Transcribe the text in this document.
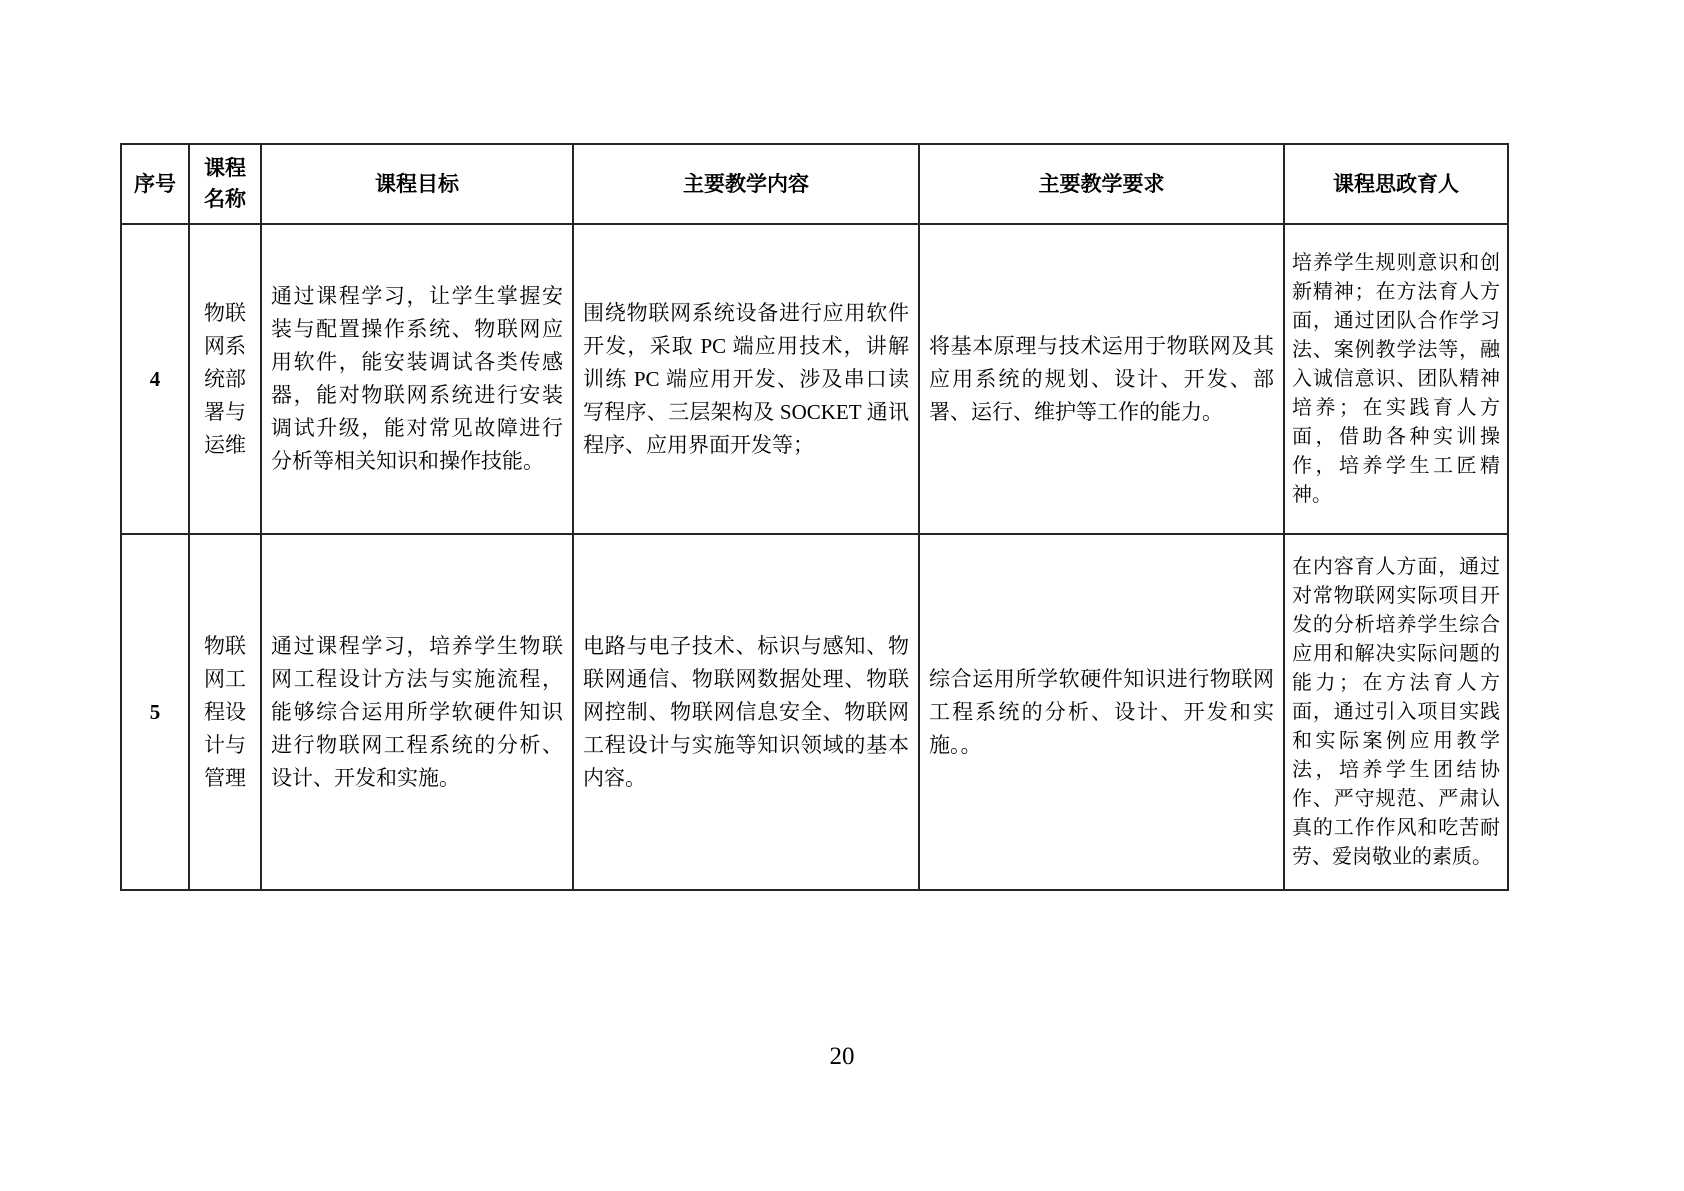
序号	课程名称	课程目标	主要教学内容	主要教学要求	课程思政育人
4	物联网系统部署与运维	通过课程学习，让学生掌握安装与配置操作系统、物联网应用软件，能安装调试各类传感器，能对物联网系统进行安装调试升级，能对常见故障进行分析等相关知识和操作技能。	围绕物联网系统设备进行应用软件开发，采取 PC 端应用技术，讲解训练 PC 端应用开发、涉及串口读写程序、三层架构及 SOCKET 通讯程序、应用界面开发等；	将基本原理与技术运用于物联网及其应用系统的规划、设计、开发、部署、运行、维护等工作的能力。	培养学生规则意识和创新精神；在方法育人方面，通过团队合作学习法、案例教学法等，融入诚信意识、团队精神培养；在实践育人方面，借助各种实训操作，培养学生工匠精神。
5	物联网工程设计与管理	通过课程学习，培养学生物联网工程设计方法与实施流程，能够综合运用所学软硬件知识进行物联网工程系统的分析、设计、开发和实施。	电路与电子技术、标识与感知、物联网通信、物联网数据处理、物联网控制、物联网信息安全、物联网工程设计与实施等知识领域的基本内容。	综合运用所学软硬件知识进行物联网工程系统的分析、设计、开发和实施。。	在内容育人方面，通过对常物联网实际项目开发的分析培养学生综合应用和解决实际问题的能力；在方法育人方面，通过引入项目实践和实际案例应用教学法，培养学生团结协作、严守规范、严肃认真的工作作风和吃苦耐劳、爱岗敬业的素质。
20
